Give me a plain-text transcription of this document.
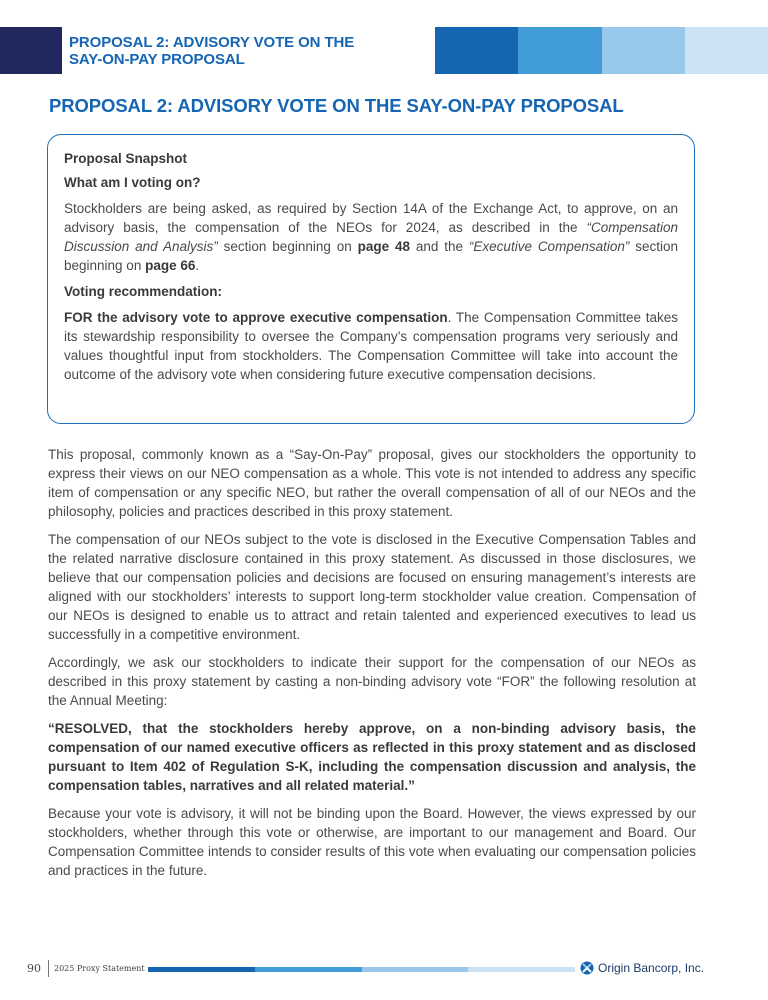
PROPOSAL 2: ADVISORY VOTE ON THE
SAY-ON-PAY PROPOSAL
PROPOSAL 2: ADVISORY VOTE ON THE SAY-ON-PAY PROPOSAL
Proposal Snapshot
What am I voting on?

Stockholders are being asked, as required by Section 14A of the Exchange Act, to approve, on an advisory basis, the compensation of the NEOs for 2024, as described in the “Compensation Discussion and Analysis” section beginning on page 48 and the “Executive Compensation” section beginning on page 66.

Voting recommendation:

FOR the advisory vote to approve executive compensation. The Compensation Committee takes its stewardship responsibility to oversee the Company’s compensation programs very seriously and values thoughtful input from stockholders. The Compensation Committee will take into account the outcome of the advisory vote when considering future executive compensation decisions.

This proposal, commonly known as a “Say-On-Pay” proposal, gives our stockholders the opportunity to express their views on our NEO compensation as a whole. This vote is not intended to address any specific item of compensation or any specific NEO, but rather the overall compensation of all of our NEOs and the philosophy, policies and practices described in this proxy statement.

The compensation of our NEOs subject to the vote is disclosed in the Executive Compensation Tables and the related narrative disclosure contained in this proxy statement. As discussed in those disclosures, we believe that our compensation policies and decisions are focused on ensuring management’s interests are aligned with our stockholders’ interests to support long-term stockholder value creation. Compensation of our NEOs is designed to enable us to attract and retain talented and experienced executives to lead us successfully in a competitive environment.

Accordingly, we ask our stockholders to indicate their support for the compensation of our NEOs as described in this proxy statement by casting a non-binding advisory vote “FOR” the following resolution at the Annual Meeting:

“RESOLVED, that the stockholders hereby approve, on a non-binding advisory basis, the compensation of our named executive officers as reflected in this proxy statement and as disclosed pursuant to Item 402 of Regulation S-K, including the compensation discussion and analysis, the compensation tables, narratives and all related material.”

Because your vote is advisory, it will not be binding upon the Board. However, the views expressed by our stockholders, whether through this vote or otherwise, are important to our management and Board. Our Compensation Committee intends to consider results of this vote when evaluating our compensation policies and practices in the future.

90 2025 Proxy Statement	Origin Bancorp, Inc.
